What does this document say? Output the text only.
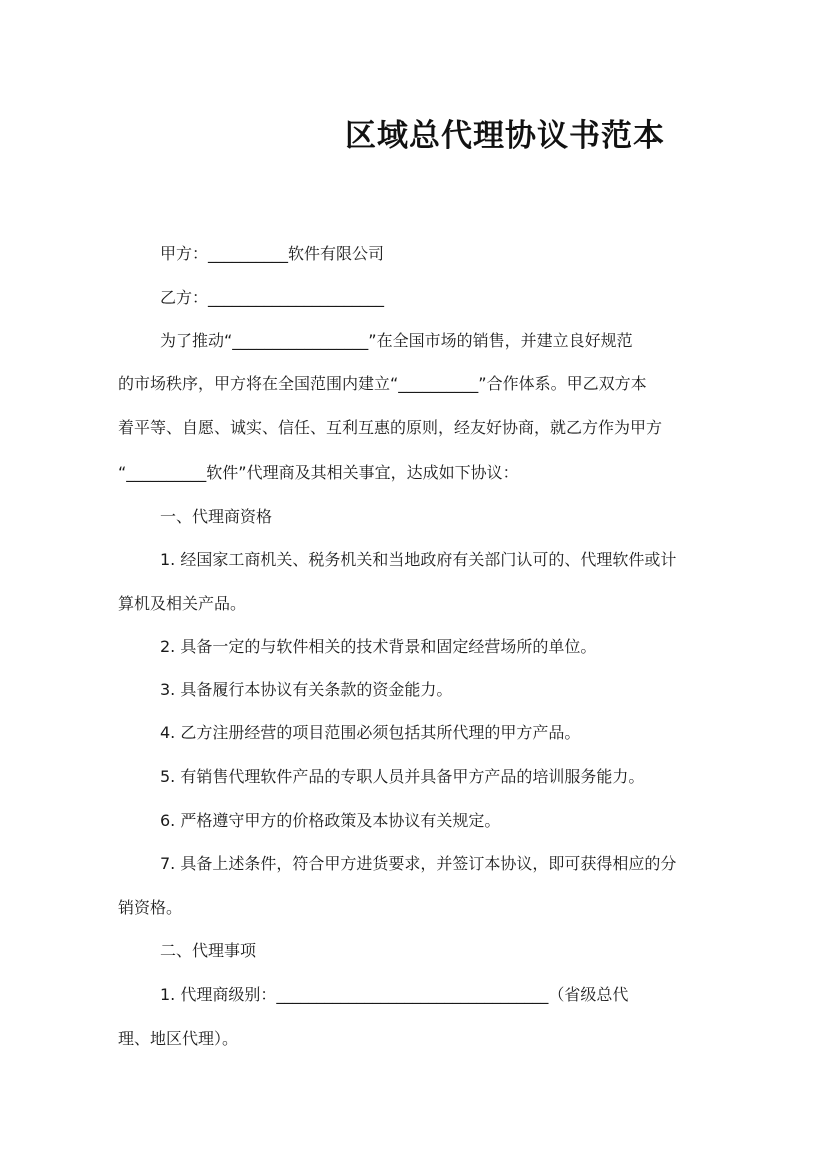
区域总代理协议书范本
甲方：__________软件有限公司
乙方：______________________
为了推动“_________________”在全国市场的销售，并建立良好规范
的市场秩序，甲方将在全国范围内建立“__________”合作体系。甲乙双方本
着平等、自愿、诚实、信任、互利互惠的原则，经友好协商，就乙方作为甲方
“__________软件”代理商及其相关事宜，达成如下协议：
一、代理商资格
1. 经国家工商机关、税务机关和当地政府有关部门认可的、代理软件或计
算机及相关产品。
2. 具备一定的与软件相关的技术背景和固定经营场所的单位。
3. 具备履行本协议有关条款的资金能力。
4. 乙方注册经营的项目范围必须包括其所代理的甲方产品。
5. 有销售代理软件产品的专职人员并具备甲方产品的培训服务能力。
6. 严格遵守甲方的价格政策及本协议有关规定。
7. 具备上述条件，符合甲方进货要求，并签订本协议，即可获得相应的分
销资格。
二、代理事项
1. 代理商级别：__________________________________（省级总代
理、地区代理）。
